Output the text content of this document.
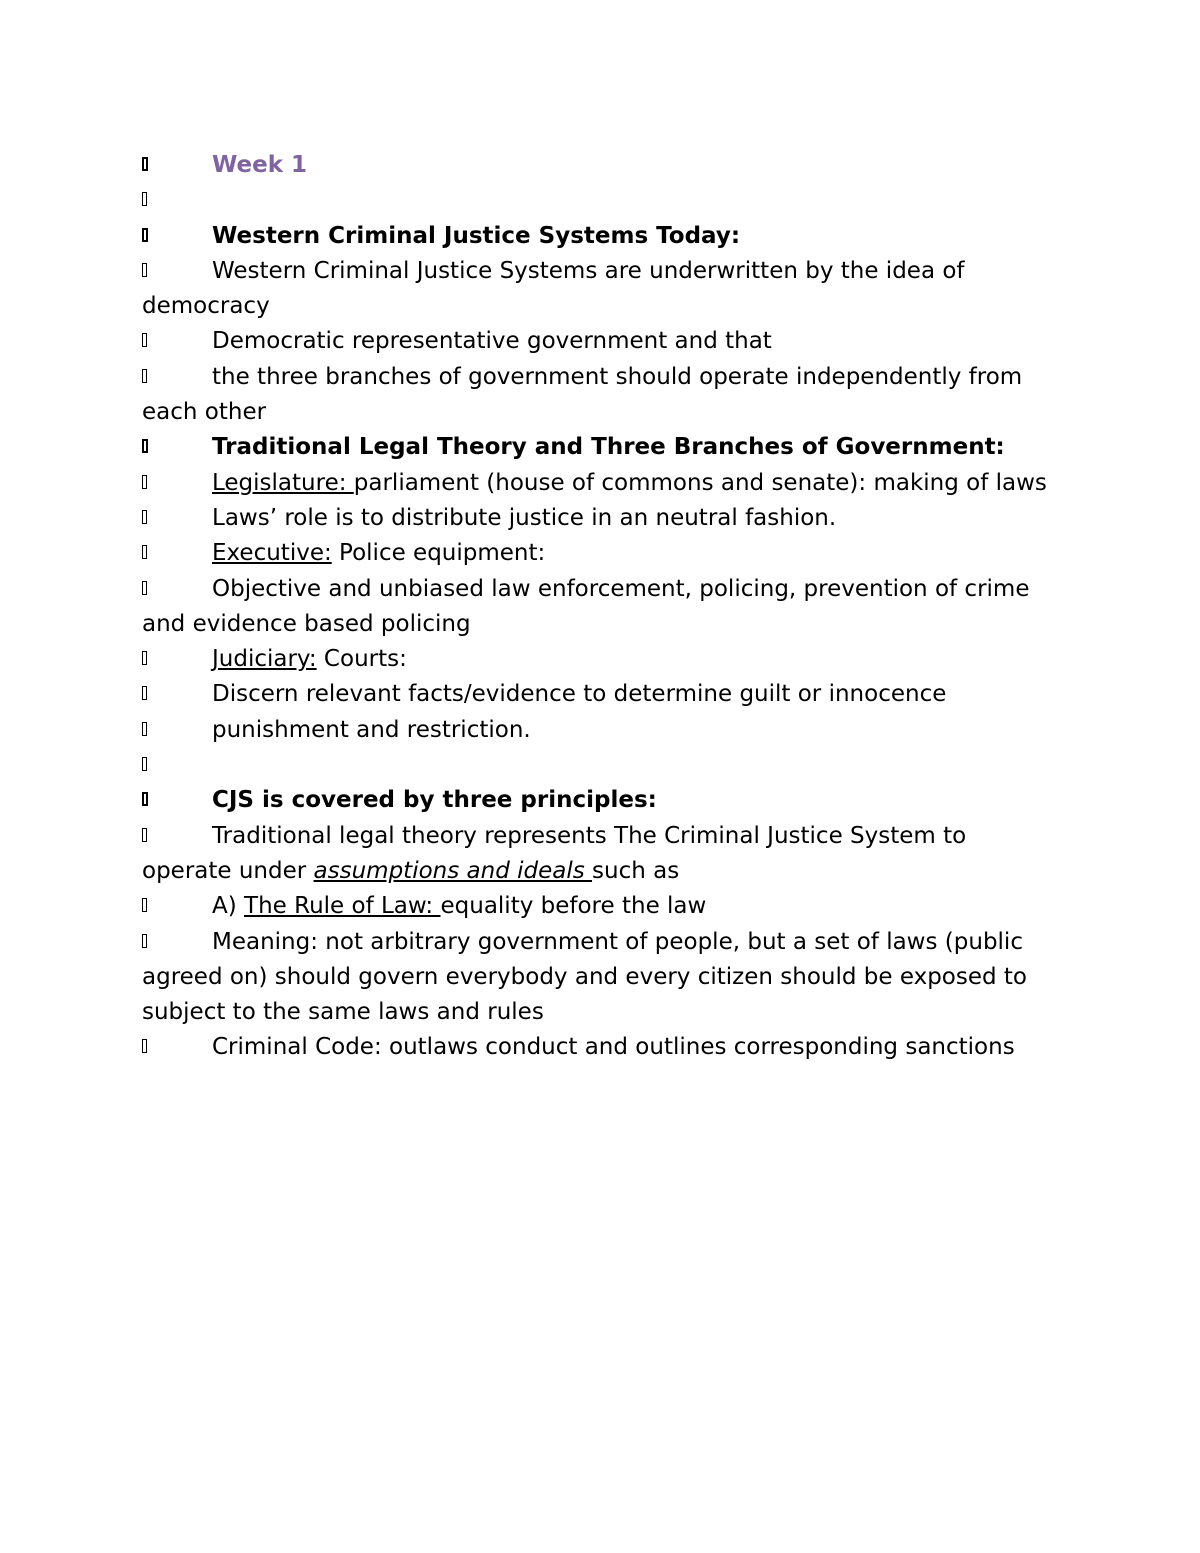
Week 1
Western Criminal Justice Systems Today:
Western Criminal Justice Systems are underwritten by the idea of democracy
Democratic representative government and that
the three branches of government should operate independently from each other
Traditional Legal Theory and Three Branches of Government:
Legislature: parliament (house of commons and senate): making of laws
Laws’ role is to distribute justice in an neutral fashion.
Executive: Police equipment:
Objective and unbiased law enforcement, policing, prevention of crime and evidence based policing
Judiciary: Courts:
Discern relevant facts/evidence to determine guilt or innocence
punishment and restriction.
CJS is covered by three principles:
Traditional legal theory represents The Criminal Justice System to operate under assumptions and ideals such as
A) The Rule of Law: equality before the law
Meaning: not arbitrary government of people, but a set of laws (public agreed on) should govern everybody and every citizen should be exposed to subject to the same laws and rules
Criminal Code: outlaws conduct and outlines corresponding sanctions
